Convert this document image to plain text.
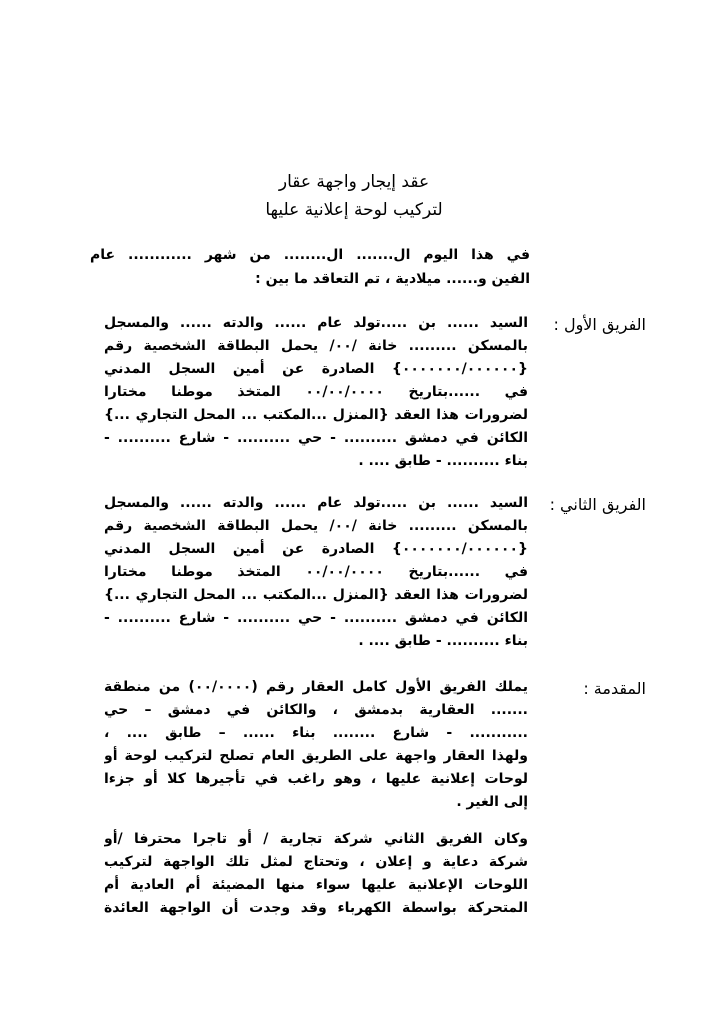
عقد إيجار واجهة عقار
لتركيب لوحة إعلانية عليها
في هذا اليوم ال....... ال........ من شهر ............ عام
الفين و...... ميلادية ، تم التعاقد ما بين :
الفريق الأول :
السيد ...... بن .....تولد عام ...... والدته ...... والمسجل
بالمسكن ......... خانة /٠٠/ يحمل البطاقة الشخصية رقم
{٠٠٠٠٠٠٠/٠٠٠٠٠٠} الصادرة عن أمين السجل المدني
في ......بتاريخ ٠٠/٠٠/٠٠٠٠ المتخذ موطنا مختارا
لضرورات هذا العقد {المنزل ...المكتب ... المحل التجاري ...}
الكائن في دمشق .......... - حي .......... - شارع .......... -
بناء .......... - طابق .... .
الفريق الثاني :
السيد ...... بن .....تولد عام ...... والدته ...... والمسجل
بالمسكن ......... خانة /٠٠/ يحمل البطاقة الشخصية رقم
{٠٠٠٠٠٠٠/٠٠٠٠٠٠} الصادرة عن أمين السجل المدني
في ......بتاريخ ٠٠/٠٠/٠٠٠٠ المتخذ موطنا مختارا
لضرورات هذا العقد {المنزل ...المكتب ... المحل التجاري ...}
الكائن في دمشق .......... - حي .......... - شارع .......... -
بناء .......... - طابق .... .
المقدمة :
يملك الفريق الأول كامل العقار رقم (٠٠/٠٠٠٠) من منطقة
....... العقارية بدمشق ، والكائن في دمشق – حي
........... - شارع ........ بناء ...... – طابق .... ،
ولهذا العقار واجهة على الطريق العام تصلح لتركيب لوحة أو
لوحات إعلانية عليها ، وهو راغب في تأجيرها كلا أو جزءا
إلى الغير .
وكان الفريق الثاني شركة تجارية / أو تاجرا محترفا /أو
شركة دعاية و إعلان ، وتحتاج لمثل تلك الواجهة لتركيب
اللوحات الإعلانية عليها سواء منها المضيئة أم العادية أم
المتحركة بواسطة الكهرباء وقد وجدت أن الواجهة العائدة
